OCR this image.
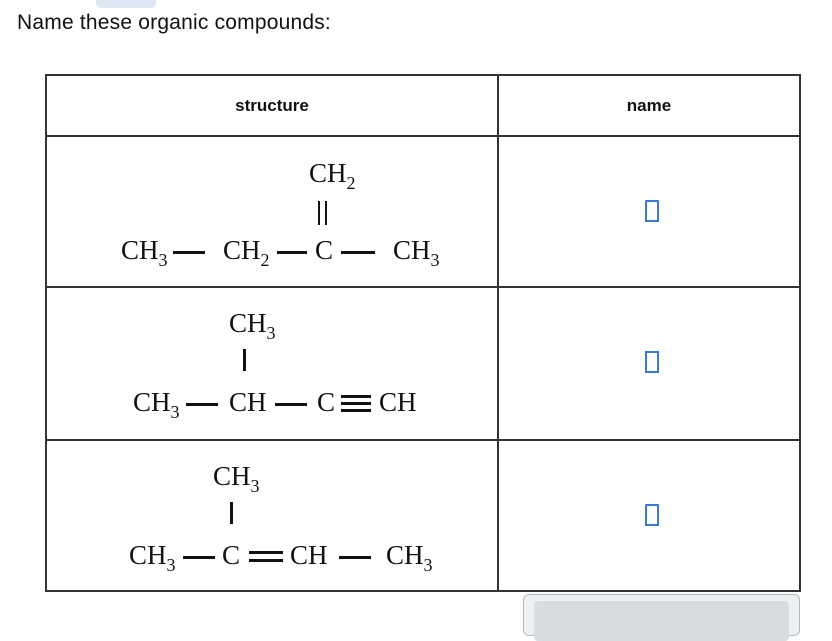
Name these organic compounds:
structure	name

$CH_2$
$CH_3$ $CH_2$ C $CH_3$

$CH_3$
$CH_3$ CH C CH	

$CH_3$
$CH_3$ C CH $CH_3$
